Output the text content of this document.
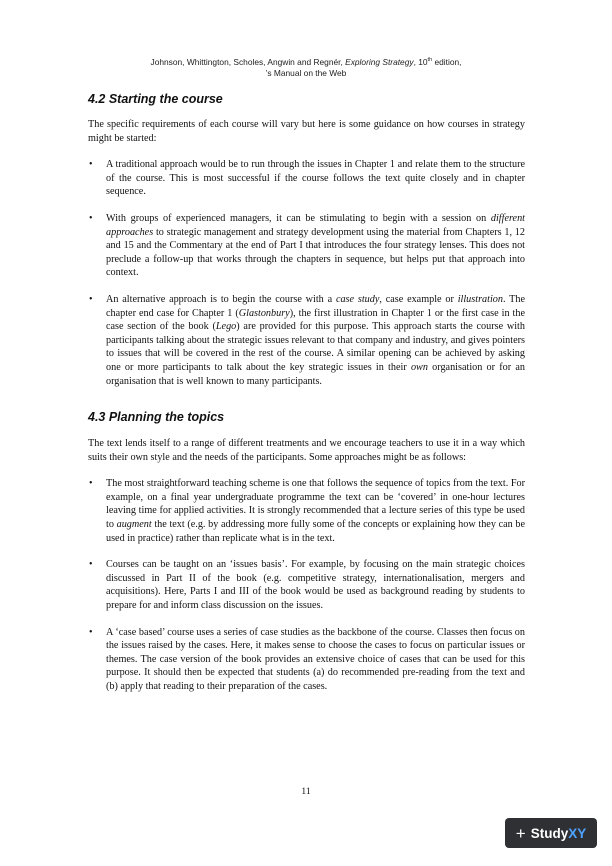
Johnson, Whittington, Scholes, Angwin and Regnér, Exploring Strategy, 10th edition,
’s Manual on the Web
4.2 Starting the course

The specific requirements of each course will vary but here is some guidance on how courses in strategy might be started:

• A traditional approach would be to run through the issues in Chapter 1 and relate them to the structure of the course. This is most successful if the course follows the text quite closely and in chapter sequence.
• With groups of experienced managers, it can be stimulating to begin with a session on different approaches to strategic management and strategy development using the material from Chapters 1, 12 and 15 and the Commentary at the end of Part I that introduces the four strategy lenses. This does not preclude a follow-up that works through the chapters in sequence, but helps put that approach into context.
• An alternative approach is to begin the course with a case study, case example or illustration. The chapter end case for Chapter 1 (Glastonbury), the first illustration in Chapter 1 or the first case in the case section of the book (Lego) are provided for this purpose. This approach starts the course with participants talking about the strategic issues relevant to that company and industry, and gives pointers to issues that will be covered in the rest of the course. A similar opening can be achieved by asking one or more participants to talk about the key strategic issues in their own organisation or for an organisation that is well known to many participants.
4.3 Planning the topics

The text lends itself to a range of different treatments and we encourage teachers to use it in a way which suits their own style and the needs of the participants. Some approaches might be as follows:

• The most straightforward teaching scheme is one that follows the sequence of topics from the text. For example, on a final year undergraduate programme the text can be ‘covered’ in one-hour lectures leaving time for applied activities. It is strongly recommended that a lecture series of this type be used to augment the text (e.g. by addressing more fully some of the concepts or explaining how they can be used in practice) rather than replicate what is in the text.
• Courses can be taught on an ‘issues basis’. For example, by focusing on the main strategic choices discussed in Part II of the book (e.g. competitive strategy, internationalisation, mergers and acquisitions). Here, Parts I and III of the book would be used as background reading by students to prepare for and inform class discussion on the issues.
• A ‘case based’ course uses a series of case studies as the backbone of the course. Classes then focus on the issues raised by the cases. Here, it makes sense to choose the cases to focus on particular issues or themes. The case version of the book provides an extensive choice of cases that can be used for this purpose. It should then be expected that students (a) do recommended pre-reading from the text and (b) apply that reading to their preparation of the cases.
11
+ StudyXY
